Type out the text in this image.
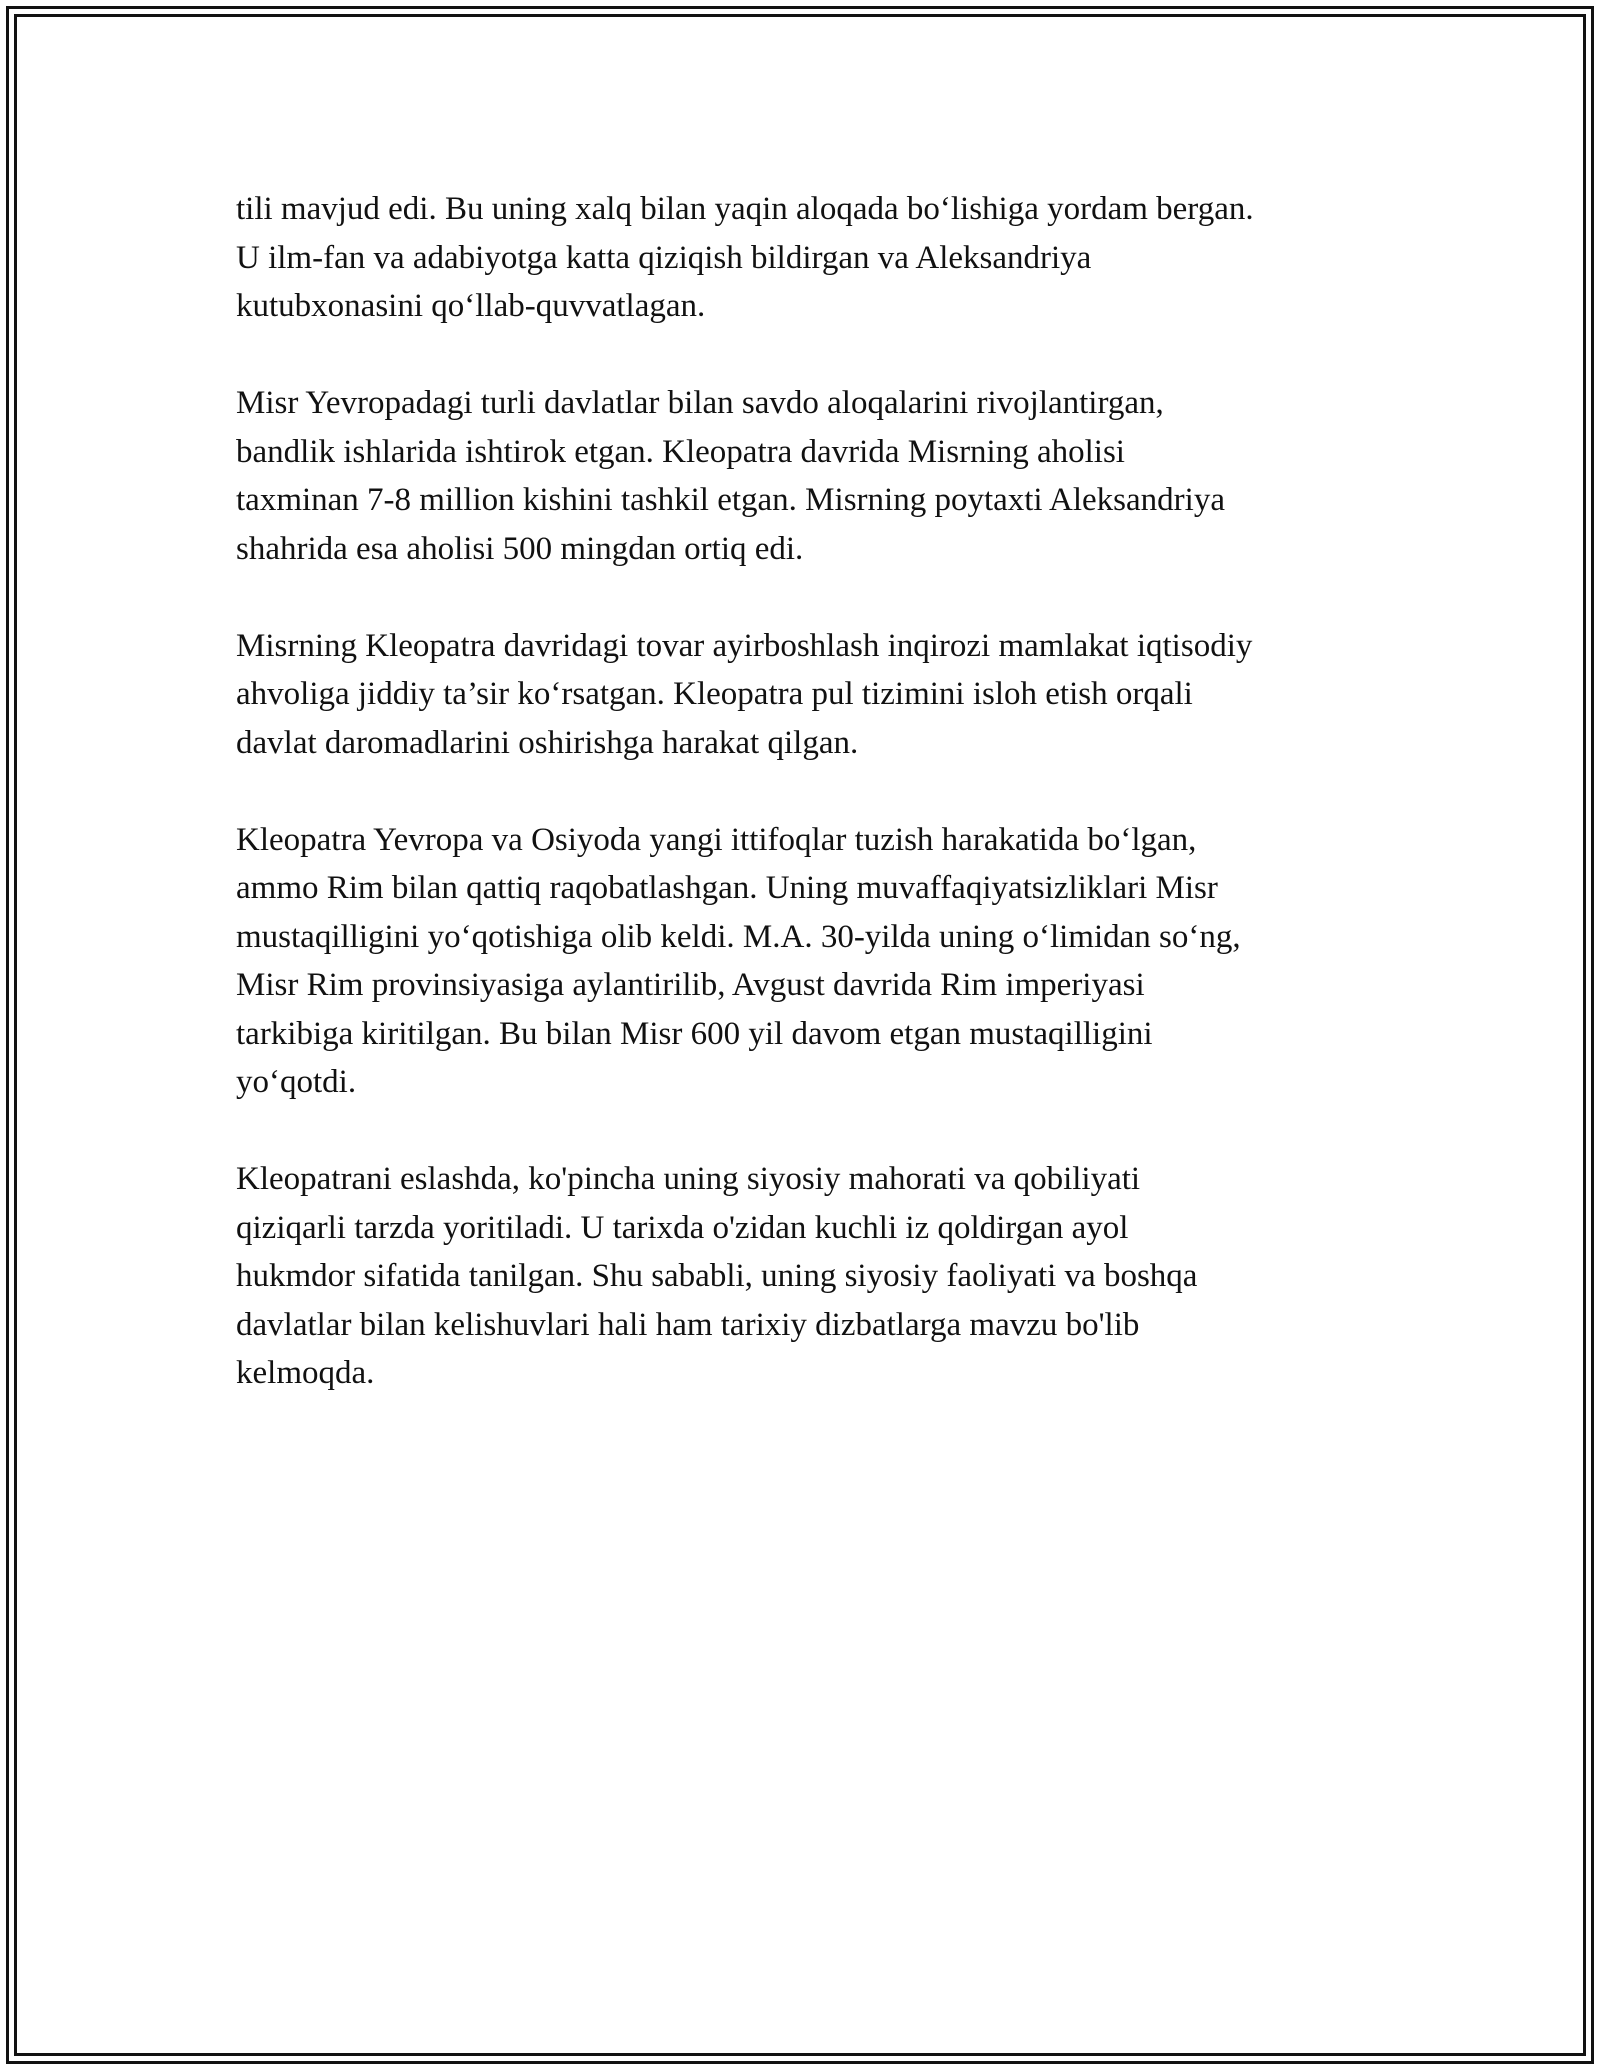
tili mavjud edi. Bu uning xalq bilan yaqin aloqada bo‘lishiga yordam bergan.
U ilm-fan va adabiyotga katta qiziqish bildirgan va Aleksandriya
kutubxonasini qo‘llab-quvvatlagan.

Misr Yevropadagi turli davlatlar bilan savdo aloqalarini rivojlantirgan,
bandlik ishlarida ishtirok etgan. Kleopatra davrida Misrning aholisi
taxminan 7-8 million kishini tashkil etgan. Misrning poytaxti Aleksandriya
shahrida esa aholisi 500 mingdan ortiq edi.

Misrning Kleopatra davridagi tovar ayirboshlash inqirozi mamlakat iqtisodiy
ahvoliga jiddiy ta’sir ko‘rsatgan. Kleopatra pul tizimini isloh etish orqali
davlat daromadlarini oshirishga harakat qilgan.

Kleopatra Yevropa va Osiyoda yangi ittifoqlar tuzish harakatida bo‘lgan,
ammo Rim bilan qattiq raqobatlashgan. Uning muvaffaqiyatsizliklari Misr
mustaqilligini yo‘qotishiga olib keldi. M.A. 30-yilda uning o‘limidan so‘ng,
Misr Rim provinsiyasiga aylantirilib, Avgust davrida Rim imperiyasi
tarkibiga kiritilgan. Bu bilan Misr 600 yil davom etgan mustaqilligini
yo‘qotdi.

Kleopatrani eslashda, ko'pincha uning siyosiy mahorati va qobiliyati
qiziqarli tarzda yoritiladi. U tarixda o'zidan kuchli iz qoldirgan ayol
hukmdor sifatida tanilgan. Shu sababli, uning siyosiy faoliyati va boshqa
davlatlar bilan kelishuvlari hali ham tarixiy dizbatlarga mavzu bo'lib
kelmoqda.
